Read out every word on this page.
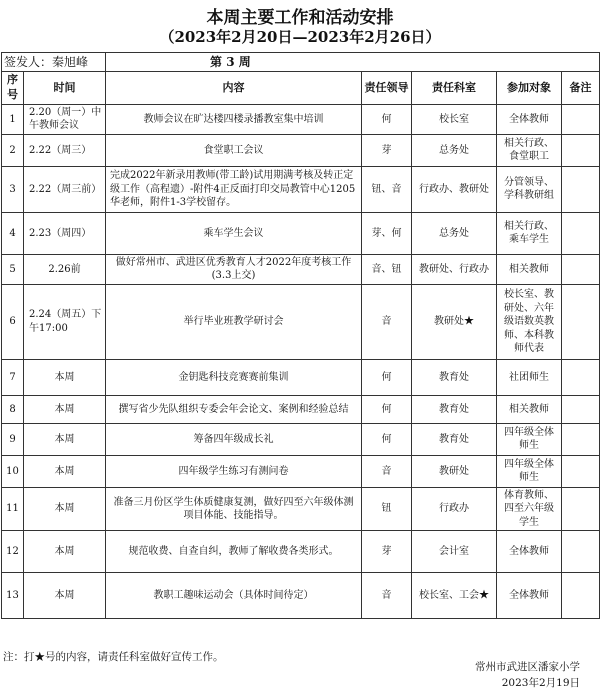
本周主要工作和活动安排
（2023年2月20日—2023年2月26日）
签发人：秦旭峰		第 3 周				
序号	时间	内容	责任领导	责任科室	参加对象	备注
1	2.20（周一）中午教师会议	教师会议在旷达楼四楼录播教室集中培训	何	校长室	全体教师	
2	2.22（周三）	食堂职工会议	芽	总务处	相关行政、食堂职工	
3	2.22（周三前）	完成2022年新录用教师(带工龄)试用期满考核及转正定级工作（高程遗）-附件4正反面打印交局教管中心1205华老师，附件1-3学校留存。	钮、音	行政办、教研处	分管领导、学科教研组	
4	2.23（周四）	乘车学生会议	芽、何	总务处	相关行政、乘车学生	
5	2.26前	做好常州市、武进区优秀教育人才2022年度考核工作(3.3上交)	音、钮	教研处、行政办	相关教师	
6	2.24（周五）下午17:00	举行毕业班教学研讨会	音	教研处★	校长室、教研处、六年级语数英教师、本科教师代表	
7	本周	金钥匙科技竞赛赛前集训	何	教育处	社团师生	
8	本周	撰写省少先队组织专委会年会论文、案例和经验总结	何	教育处	相关教师	
9	本周	筹备四年级成长礼	何	教育处	四年级全体师生	
10	本周	四年级学生练习有测问卷	音	教研处	四年级全体师生	
11	本周	准备三月份区学生体质健康复测，做好四至六年级体测项目体能、技能指导。	钮	行政办	体育教师、四至六年级学生	
12	本周	规范收费、自查自纠，教师了解收费各类形式。	芽	会计室	全体教师	
13	本周	教职工趣味运动会（具体时间待定）	音	校长室、工会★	全体教师	
注：打★号的内容，请责任科室做好宣传工作。
常州市武进区潘家小学
2023年2月19日
